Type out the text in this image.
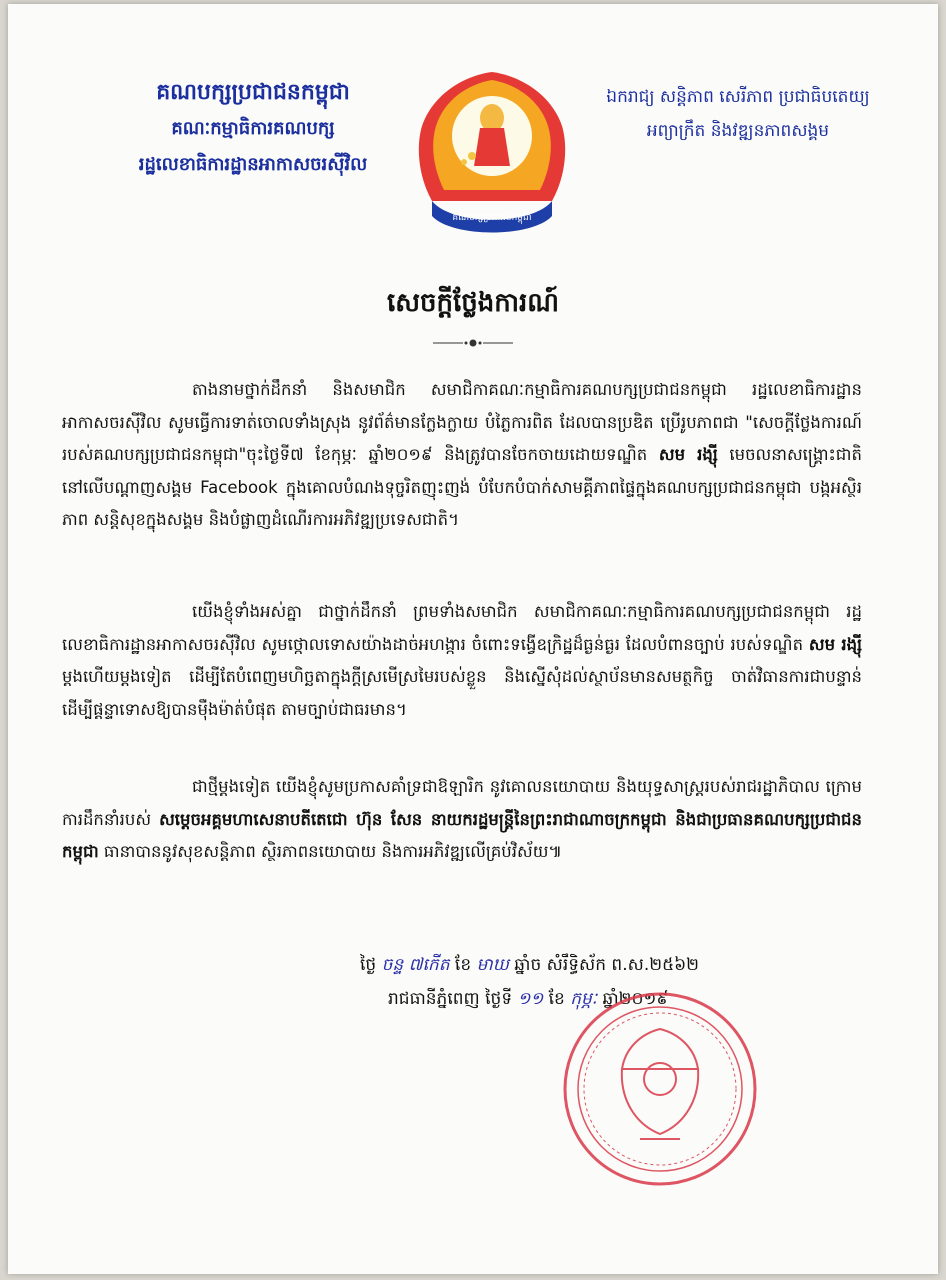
គណបក្សប្រជាជនកម្ពុជា
គណៈកម្មាធិការគណបក្ស
រដ្ឋលេខាធិការដ្ឋានអាកាសចរស៊ីវិល
គណបក្សប្រជាជនកម្ពុជា
ឯករាជ្យ សន្តិភាព សេរីភាព ប្រជាធិបតេយ្យ
អព្យាក្រឹត និងវឌ្ឍនភាពសង្គម
សេចក្តីថ្លែងការណ៍
តាងនាមថ្នាក់ដឹកនាំ និងសមាជិក សមាជិកាគណៈកម្មាធិការគណបក្សប្រជាជនកម្ពុជា រដ្ឋលេខាធិការដ្ឋានអាកាសចរស៊ីវិល សូមធ្វើការទាត់ចោលទាំងស្រុង នូវព័ត៌មានក្លែងក្លាយ បំភ្លៃការពិត ដែលបានប្រឌិត ប្រើរូបភាពជា "សេចក្តីថ្លែងការណ៍របស់គណបក្សប្រជាជនកម្ពុជា"ចុះថ្ងៃទី៧ ខែកុម្ភៈ ឆ្នាំ២០១៩ និងត្រូវបានចែកចាយដោយទណ្ឌិត សម រង្ស៊ី មេចលនាសង្គ្រោះជាតិ នៅលើបណ្តាញសង្គម Facebook ក្នុងគោលបំណងទុច្ចរិតញុះញង់ បំបែកបំបាក់សាមគ្គីភាពផ្ទៃក្នុងគណបក្សប្រជាជនកម្ពុជា បង្កអស្ថិរភាព សន្តិសុខក្នុងសង្គម និងបំផ្លាញដំណើរការអភិវឌ្ឍប្រទេសជាតិ។
យើងខ្ញុំទាំងអស់គ្នា ជាថ្នាក់ដឹកនាំ ព្រមទាំងសមាជិក សមាជិកាគណៈកម្មាធិការគណបក្សប្រជាជនកម្ពុជា រដ្ឋលេខាធិការដ្ឋានអាកាសចរស៊ីវិល សូមថ្កោលទោសយ៉ាងដាច់អហង្ការ ចំពោះទង្វើឧក្រិដ្ឋដ៏ធ្ងន់ធ្ងរ ដែលបំពានច្បាប់ របស់ទណ្ឌិត សម រង្ស៊ី ម្តងហើយម្តងទៀត ដើម្បីតែបំពេញមហិច្ឆតាក្នុងក្តីស្រមើស្រមៃរបស់ខ្លួន និងស្នើសុំដល់ស្ថាប័នមានសមត្ថកិច្ច ចាត់វិធានការជាបន្ទាន់ ដើម្បីផ្តន្ទាទោសឱ្យបានម៉ឺងម៉ាត់បំផុត តាមច្បាប់ជាធរមាន។
ជាថ្មីម្តងទៀត យើងខ្ញុំសូមប្រកាសគាំទ្រជាឱឡារិក នូវគោលនយោបាយ និងយុទ្ធសាស្ត្ររបស់រាជរដ្ឋាភិបាល ក្រោមការដឹកនាំរបស់ សម្តេចអគ្គមហាសេនាបតីតេជោ ហ៊ុន សែន នាយករដ្ឋមន្ត្រីនៃព្រះរាជាណាចក្រកម្ពុជា និងជាប្រធានគណបក្សប្រជាជនកម្ពុជា ធានាបាននូវសុខសន្តិភាព ស្ថិរភាពនយោបាយ និងការអភិវឌ្ឍលើគ្រប់វិស័យ៕
ថ្ងៃ ចន្ទ ៧កើត ខែ មាឃ ឆ្នាំច សំរឹទ្ធិស័ក ព.ស.២៥៦២
រាជធានីភ្នំពេញ ថ្ងៃទី ១១ ខែ កុម្ភៈ ឆ្នាំ២០១៩
